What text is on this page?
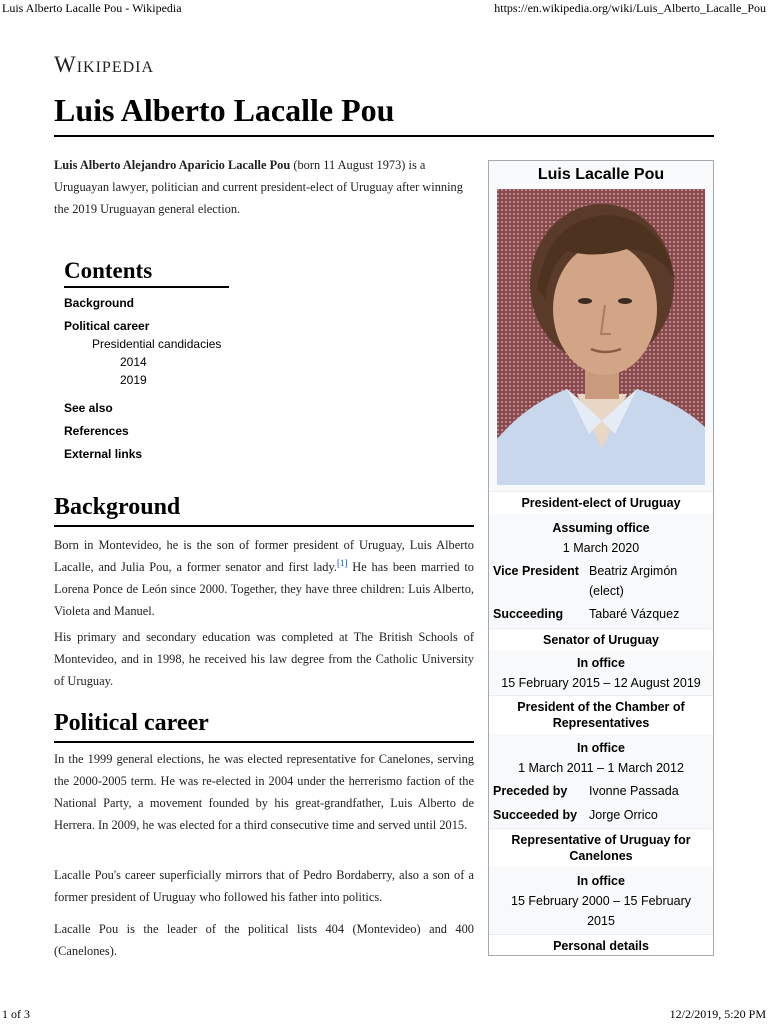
Luis Alberto Lacalle Pou - Wikipedia	https://en.wikipedia.org/wiki/Luis_Alberto_Lacalle_Pou
Wikipedia
Luis Alberto Lacalle Pou

Luis Alberto Alejandro Aparicio Lacalle Pou (born 11 August 1973) is a Uruguayan lawyer, politician and current president-elect of Uruguay after winning the 2019 Uruguayan general election.

Contents
Background
Political career
Presidential candidacies
2014
2019
See also
References
External links
Background

Born in Montevideo, he is the son of former president of Uruguay, Luis Alberto Lacalle, and Julia Pou, a former senator and first lady.[1] He has been married to Lorena Ponce de León since 2000. Together, they have three children: Luis Alberto, Violeta and Manuel.

His primary and secondary education was completed at The British Schools of Montevideo, and in 1998, he received his law degree from the Catholic University of Uruguay.

Political career

In the 1999 general elections, he was elected representative for Canelones, serving the 2000-2005 term. He was re-elected in 2004 under the herrerismo faction of the National Party, a movement founded by his great-grandfather, Luis Alberto de Herrera. In 2009, he was elected for a third consecutive time and served until 2015.

Lacalle Pou's career superficially mirrors that of Pedro Bordaberry, also a son of a former president of Uruguay who followed his father into politics.

Lacalle Pou is the leader of the political lists 404 (Montevideo) and 400 (Canelones).

Luis Lacalle Pou
President-elect of Uruguay
Assuming office
1 March 2020
Vice President Beatriz Argimón (elect)
Succeeding	Tabaré Vázquez
Senator of Uruguay
In office
15 February 2015 – 12 August 2019
President of the Chamber of Representatives
In office
1 March 2011 – 1 March 2012
Preceded by	Ivonne Passada
Succeeded by Jorge Orrico
Representative of Uruguay for Canelones
In office
15 February 2000 – 15 February 2015
Personal details
1 of 3	12/2/2019, 5:20 PM
